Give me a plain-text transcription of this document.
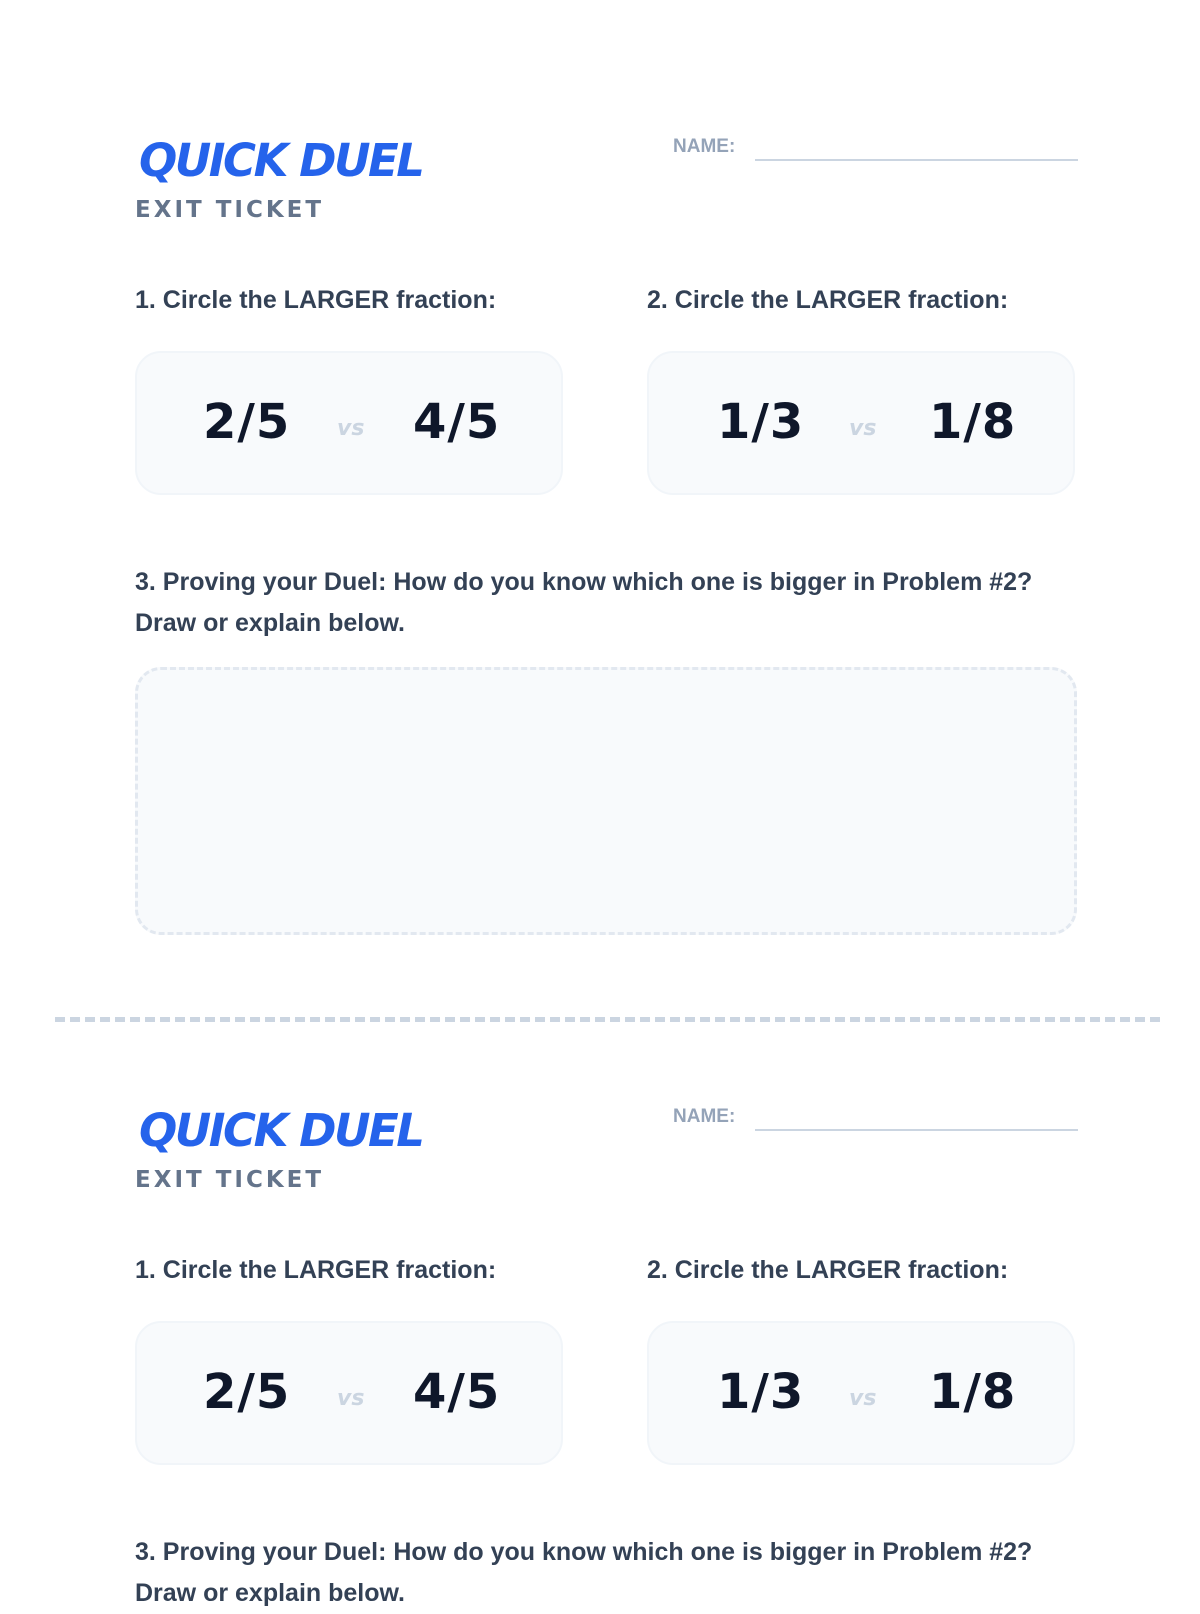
QUICK DUEL
EXIT TICKET
NAME:
1. Circle the LARGER fraction:	2. Circle the LARGER fraction:
2/5 vs 4/5	1/3 vs 1/8

3. Proving your Duel: How do you know which one is bigger in Problem #2? Draw or explain below.

QUICK DUEL
EXIT TICKET
NAME:
1. Circle the LARGER fraction:	2. Circle the LARGER fraction:
2/5 vs 4/5	1/3 vs 1/8

3. Proving your Duel: How do you know which one is bigger in Problem #2? Draw or explain below.
